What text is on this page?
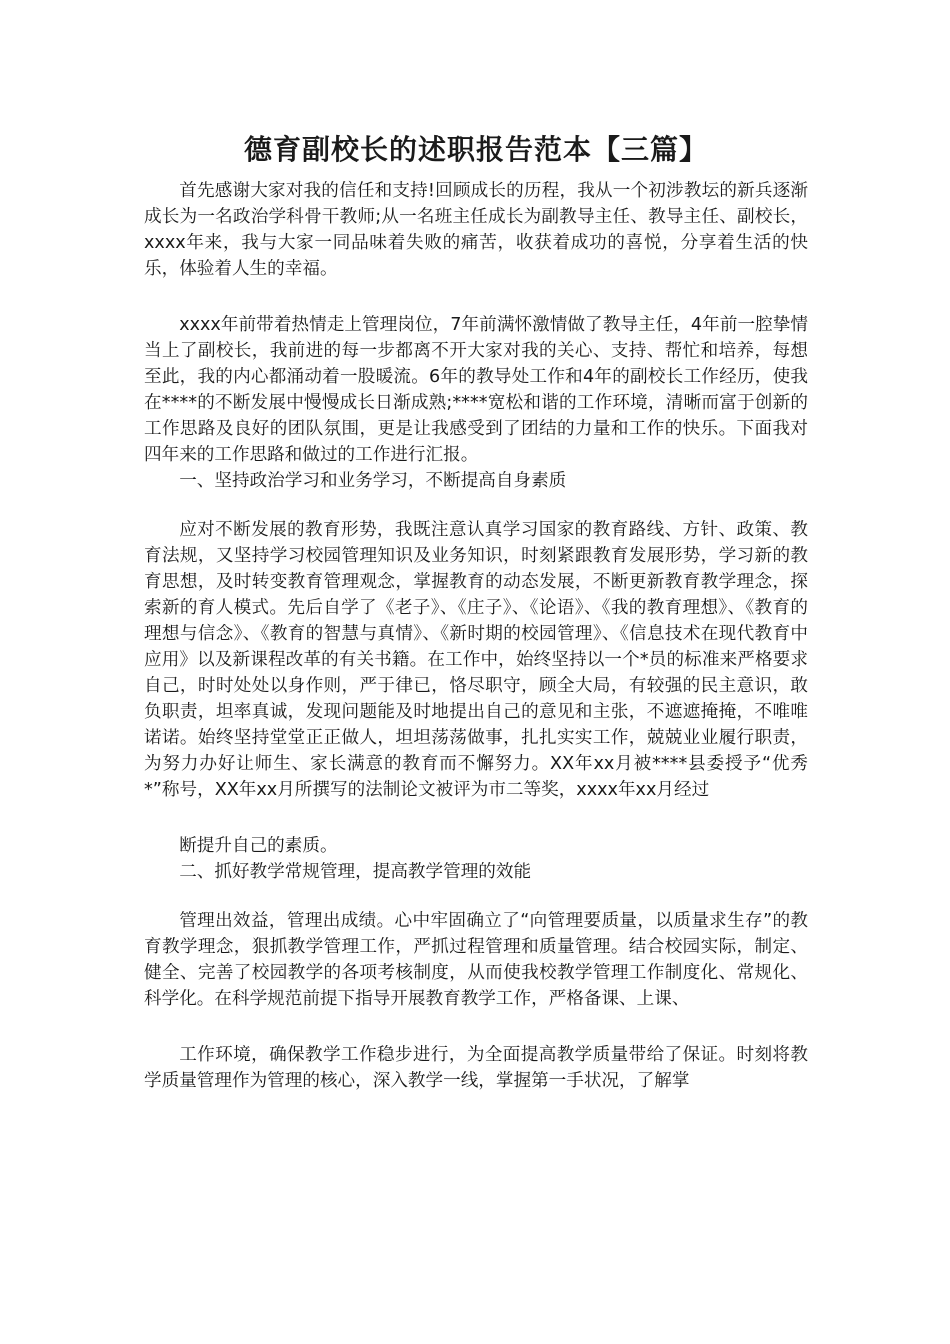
德育副校长的述职报告范本【三篇】

首先感谢大家对我的信任和支持!回顾成长的历程，我从一个初涉教坛的新兵逐渐成长为一名政治学科骨干教师;从一名班主任成长为副教导主任、教导主任、副校长，xxxx年来，我与大家一同品味着失败的痛苦，收获着成功的喜悦，分享着生活的快乐，体验着人生的幸福。

xxxx年前带着热情走上管理岗位，7年前满怀激情做了教导主任，4年前一腔挚情当上了副校长，我前进的每一步都离不开大家对我的关心、支持、帮忙和培养，每想至此，我的内心都涌动着一股暖流。6年的教导处工作和4年的副校长工作经历，使我在****的不断发展中慢慢成长日渐成熟;****宽松和谐的工作环境，清晰而富于创新的工作思路及良好的团队氛围，更是让我感受到了团结的力量和工作的快乐。下面我对四年来的工作思路和做过的工作进行汇报。

一、坚持政治学习和业务学习，不断提高自身素质

应对不断发展的教育形势，我既注意认真学习国家的教育路线、方针、政策、教育法规，又坚持学习校园管理知识及业务知识，时刻紧跟教育发展形势，学习新的教育思想，及时转变教育管理观念，掌握教育的动态发展，不断更新教育教学理念，探索新的育人模式。先后自学了《老子》、《庄子》、《论语》、《我的教育理想》、《教育的理想与信念》、《教育的智慧与真情》、《新时期的校园管理》、《信息技术在现代教育中应用》以及新课程改革的有关书籍。在工作中，始终坚持以一个*员的标准来严格要求自己，时时处处以身作则，严于律已，恪尽职守，顾全大局，有较强的民主意识，敢负职责，坦率真诚，发现问题能及时地提出自己的意见和主张，不遮遮掩掩，不唯唯诺诺。始终坚持堂堂正正做人，坦坦荡荡做事，扎扎实实工作，兢兢业业履行职责，为努力办好让师生、家长满意的教育而不懈努力。XX年xx月被****县委授予“优秀*”称号，XX年xx月所撰写的法制论文被评为市二等奖，xxxx年xx月经过

断提升自己的素质。

二、抓好教学常规管理，提高教学管理的效能

管理出效益，管理出成绩。心中牢固确立了“向管理要质量，以质量求生存”的教育教学理念，狠抓教学管理工作，严抓过程管理和质量管理。结合校园实际，制定、健全、完善了校园教学的各项考核制度，从而使我校教学管理工作制度化、常规化、科学化。在科学规范前提下指导开展教育教学工作，严格备课、上课、

工作环境，确保教学工作稳步进行，为全面提高教学质量带给了保证。时刻将教学质量管理作为管理的核心，深入教学一线，掌握第一手状况，了解掌
